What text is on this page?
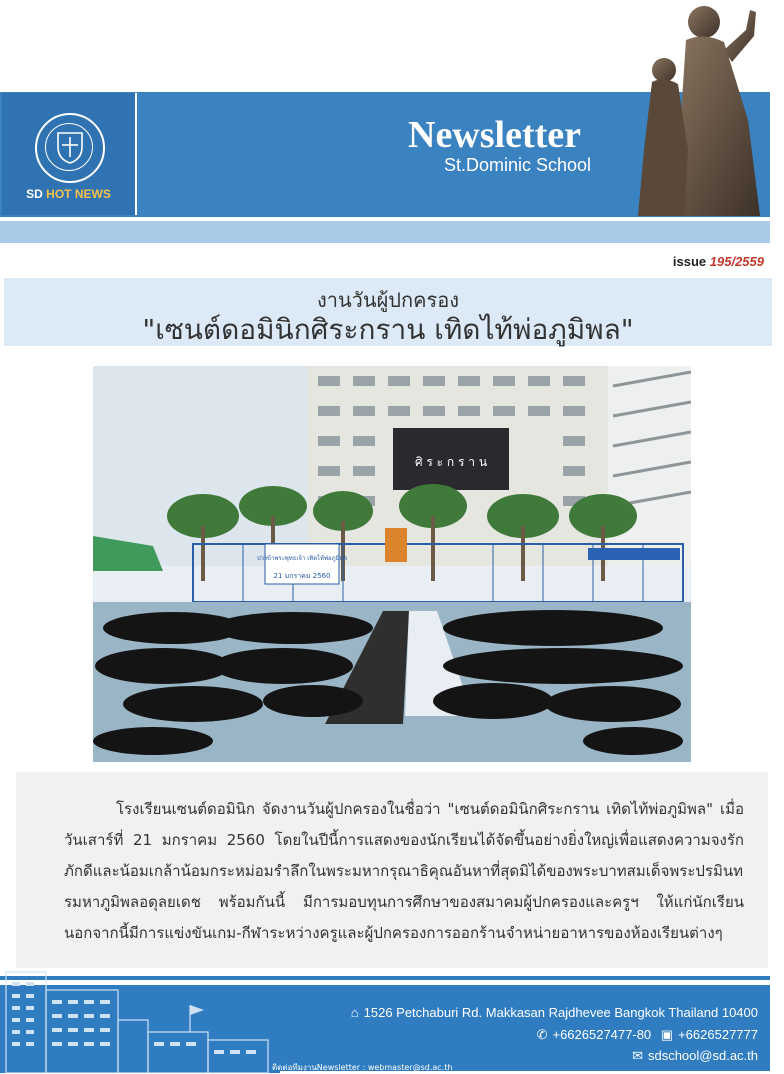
SD HOT NEWS
Newsletter
St.Dominic School
issue 195/2559
งานวันผู้ปกครอง
"เซนต์ดอมินิกศิระกราน เทิดไท้พ่อภูมิพล"
ศิ ร ะ ก ร า น
ปวงข้าพระพุทธเจ้า เทิดไท้พ่อภูมิพล
21 มกราคม 2560
โรงเรียนเซนต์ดอมินิก จัดงานวันผู้ปกครองในชื่อว่า "เซนต์ดอมินิกศิระกราน เทิดไท้พ่อภูมิพล" เมื่อวันเสาร์ที่ 21 มกราคม 2560 โดยในปีนี้การแสดงของนักเรียนได้จัดขึ้นอย่างยิ่งใหญ่เพื่อแสดงความจงรักภักดีและน้อมเกล้าน้อมกระหม่อมรำลึกในพระมหากรุณาธิคุณอันหาที่สุดมิได้ของพระบาทสมเด็จพระปรมินทรมหาภูมิพลอดุลยเดช พร้อมกันนี้ มีการมอบทุนการศึกษาของสมาคมผู้ปกครองและครูฯ ให้แก่นักเรียน นอกจากนี้มีการแข่งขันเกม-กีฬาระหว่างครูและผู้ปกครองการออกร้านจำหน่ายอาหารของห้องเรียนต่างๆ
⌂ 1526 Petchaburi Rd. Makkasan Rajdhevee Bangkok Thailand 10400
✆ +6626527477-80 ▣ +6626527777
✉ sdschool@sd.ac.th
ติดต่อทีมงานNewsletter : webmaster@sd.ac.th
